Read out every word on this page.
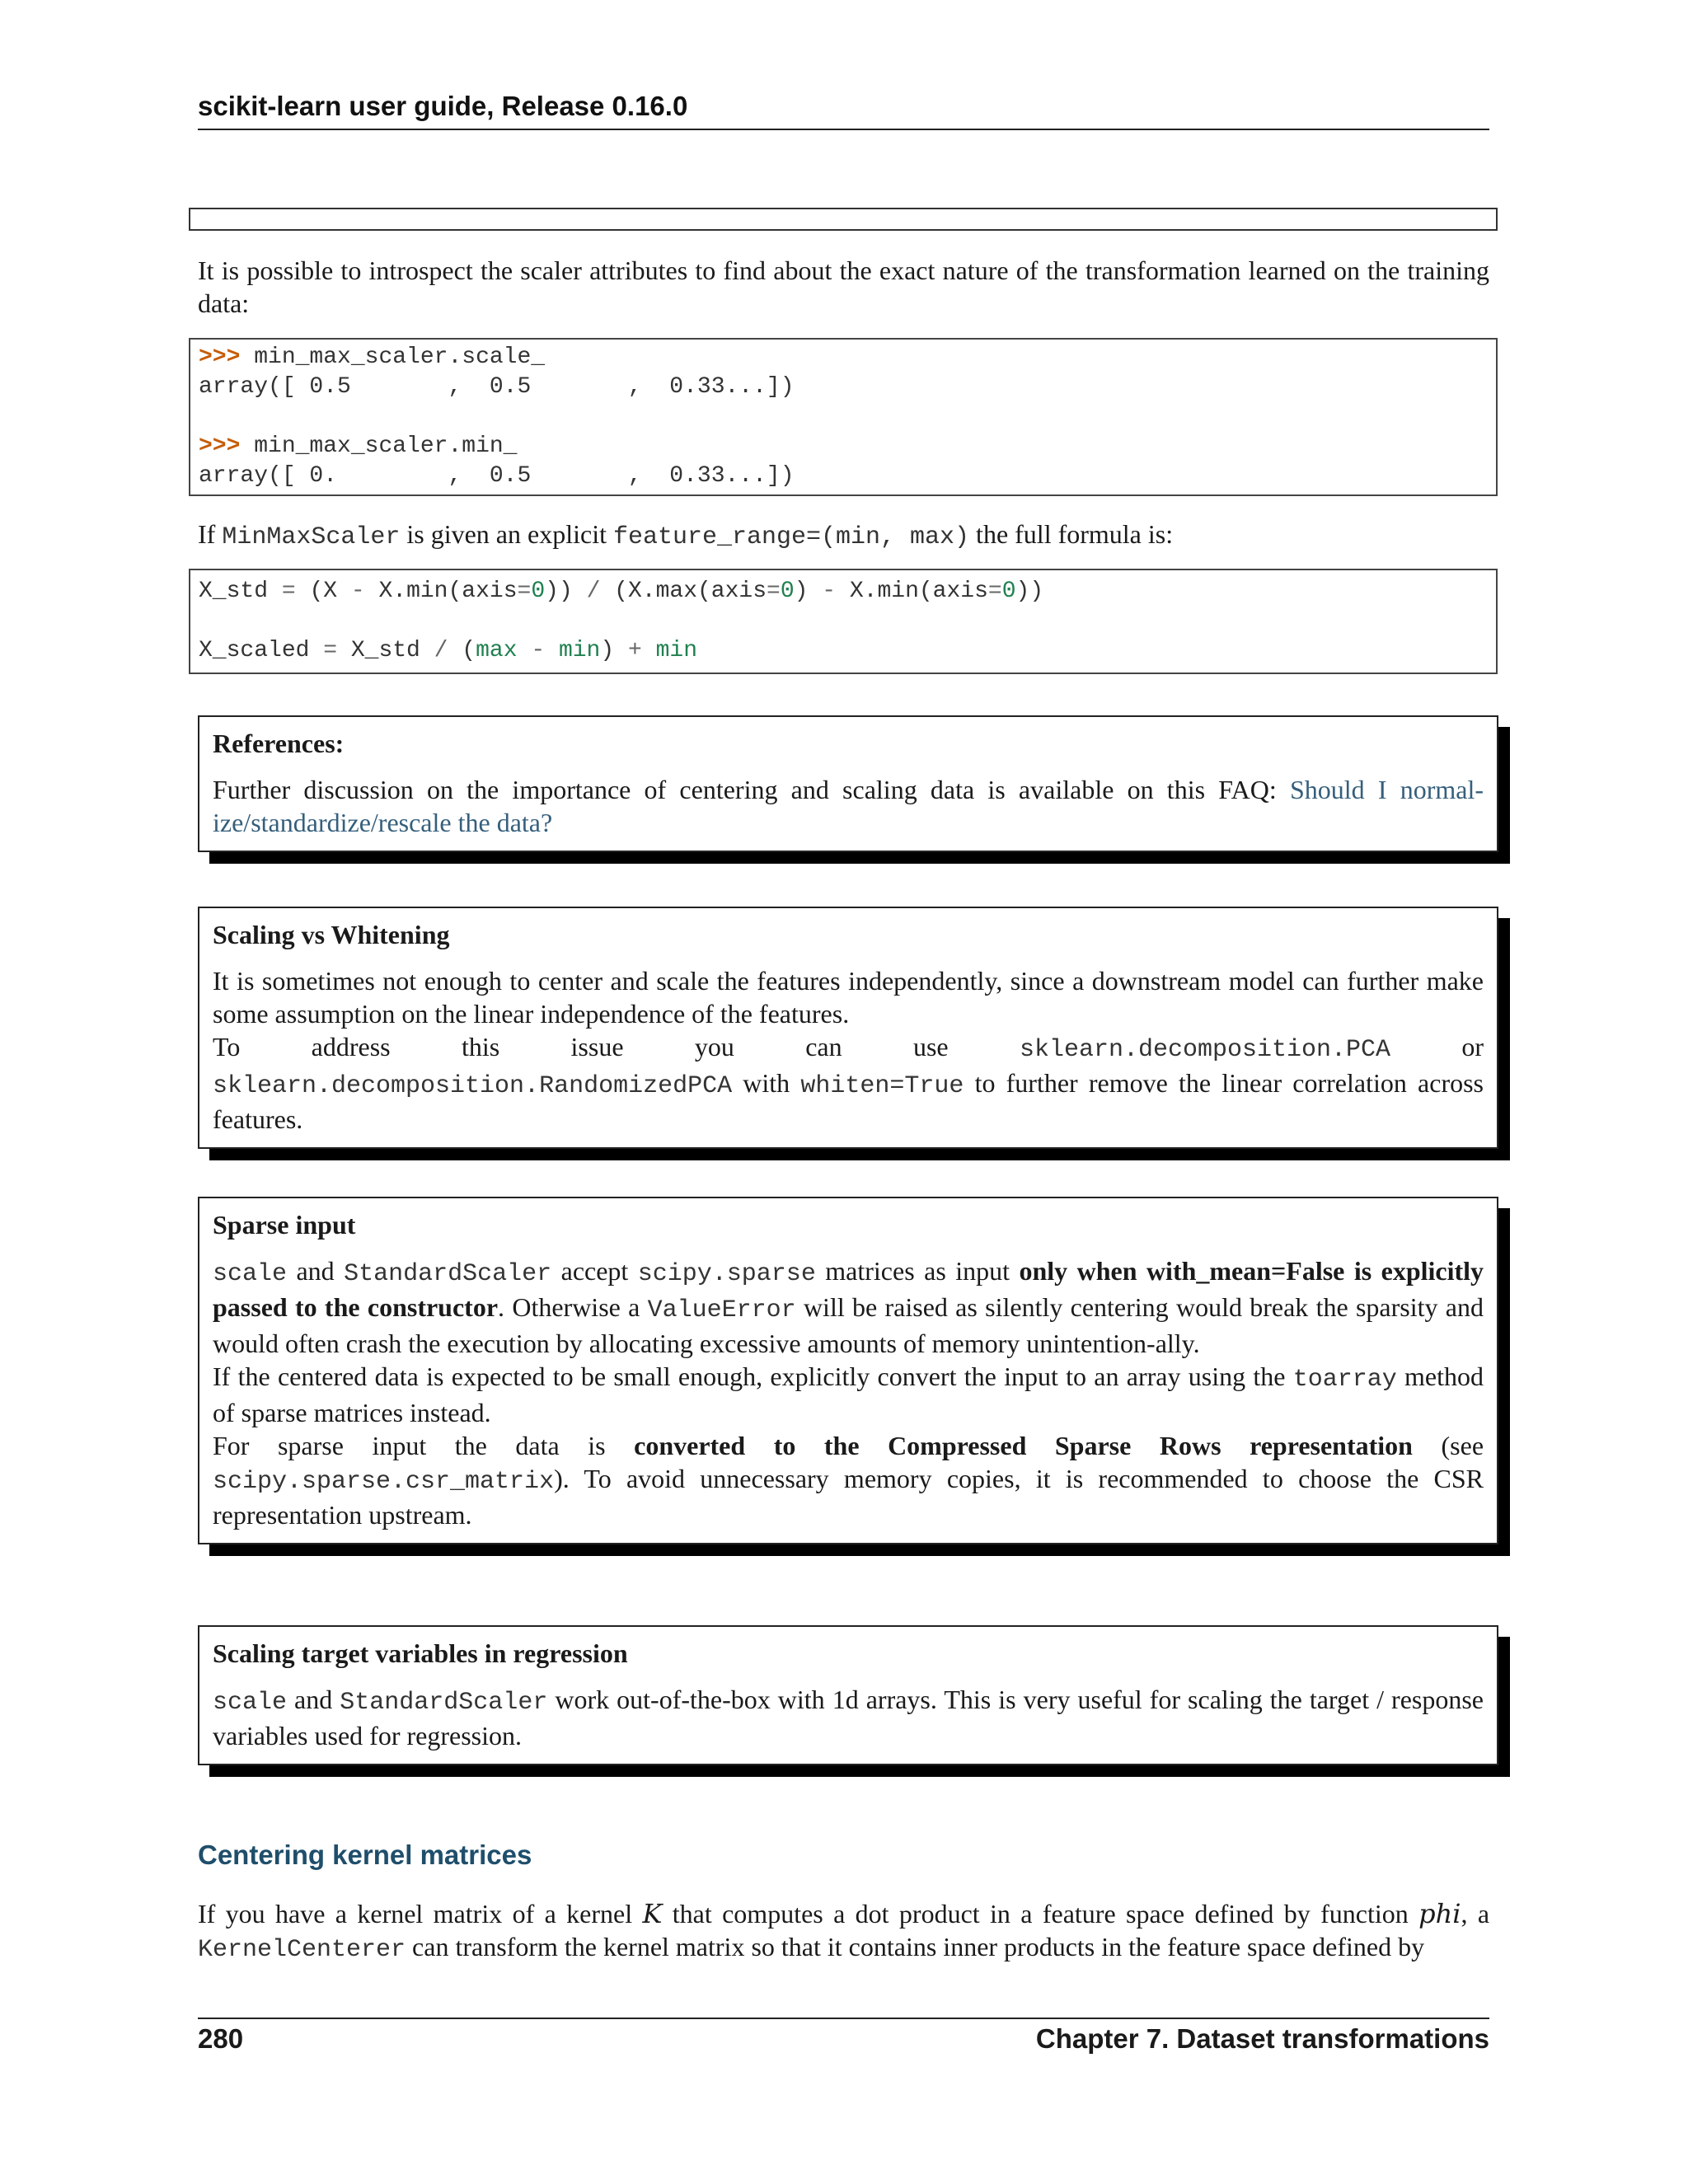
scikit-learn user guide, Release 0.16.0

It is possible to introspect the scaler attributes to find about the exact nature of the transformation learned on the training data:

>>> min_max_scaler.scale_
array([ 0.5       ,  0.5       ,  0.33...])

>>> min_max_scaler.min_
array([ 0.        ,  0.5       ,  0.33...])

If MinMaxScaler is given an explicit feature_range=(min, max) the full formula is:

X_std = (X - X.min(axis=0)) / (X.max(axis=0) - X.min(axis=0))

X_scaled = X_std / (max - min) + min
References:

Further discussion on the importance of centering and scaling data is available on this FAQ: Should I normal-ize/standardize/rescale the data?

Scaling vs Whitening

It is sometimes not enough to center and scale the features independently, since a downstream model can further make some assumption on the linear independence of the features.

To address this issue you can use sklearn.decomposition.PCA or sklearn.decomposition.RandomizedPCA with whiten=True to further remove the linear correlation across features.

Sparse input

scale and StandardScaler accept scipy.sparse matrices as input only when with_mean=False is explicitly passed to the constructor. Otherwise a ValueError will be raised as silently centering would break the sparsity and would often crash the execution by allocating excessive amounts of memory unintention-ally.

If the centered data is expected to be small enough, explicitly convert the input to an array using the toarray method of sparse matrices instead.

For sparse input the data is converted to the Compressed Sparse Rows representation (see scipy.sparse.csr_matrix). To avoid unnecessary memory copies, it is recommended to choose the CSR representation upstream.

Scaling target variables in regression

scale and StandardScaler work out-of-the-box with 1d arrays. This is very useful for scaling the target / response variables used for regression.

Centering kernel matrices

If you have a kernel matrix of a kernel K that computes a dot product in a feature space defined by function phi, a KernelCenterer can transform the kernel matrix so that it contains inner products in the feature space defined by

280	Chapter 7. Dataset transformations
